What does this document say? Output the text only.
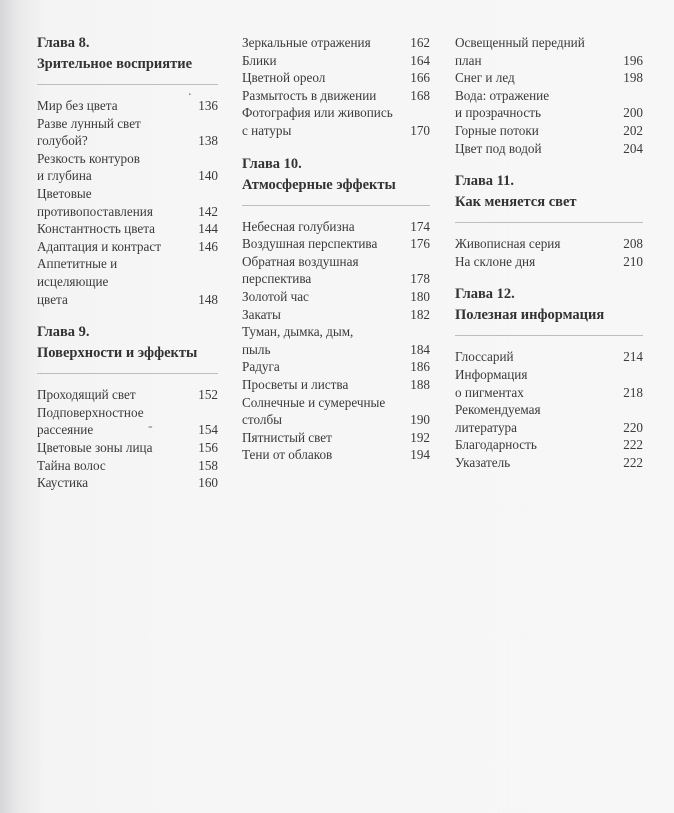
Глава 8.
Зрительное восприятие
Мир без цвета	136
Разве лунный свет
голубой?	138
Резкость контуров
и глубина	140
Цветовые
противопоставления	142
Константность цвета	144
Адаптация и контраст	146
Аппетитные и исцеляющие
цвета	148
Глава 9.
Поверхности и эффекты
Проходящий свет	152
Подповерхностное
рассеяние	154
Цветовые зоны лица	156
Тайна волос	158
Каустика	160
Зеркальные отражения	162
Блики	164
Цветной ореол	166
Размытость в движении	168
Фотография или живопись
с натуры	170
Глава 10.
Атмосферные эффекты
Небесная голубизна	174
Воздушная перспектива	176
Обратная воздушная
перспектива	178
Золотой час	180
Закаты	182
Туман, дымка, дым,
пыль	184
Радуга	186
Просветы и листва	188
Солнечные и сумеречные
столбы	190
Пятнистый свет	192
Тени от облаков	194
Освещенный передний
план	196
Снег и лед	198
Вода: отражение
и прозрачность	200
Горные потоки	202
Цвет под водой	204
Глава 11.
Как меняется свет
Живописная серия	208
На склоне дня	210
Глава 12.
Полезная информация
Глоссарий	214
Информация
о пигментах	218
Рекомендуемая
литература	220
Благодарность	222
Указатель	222
.
-
